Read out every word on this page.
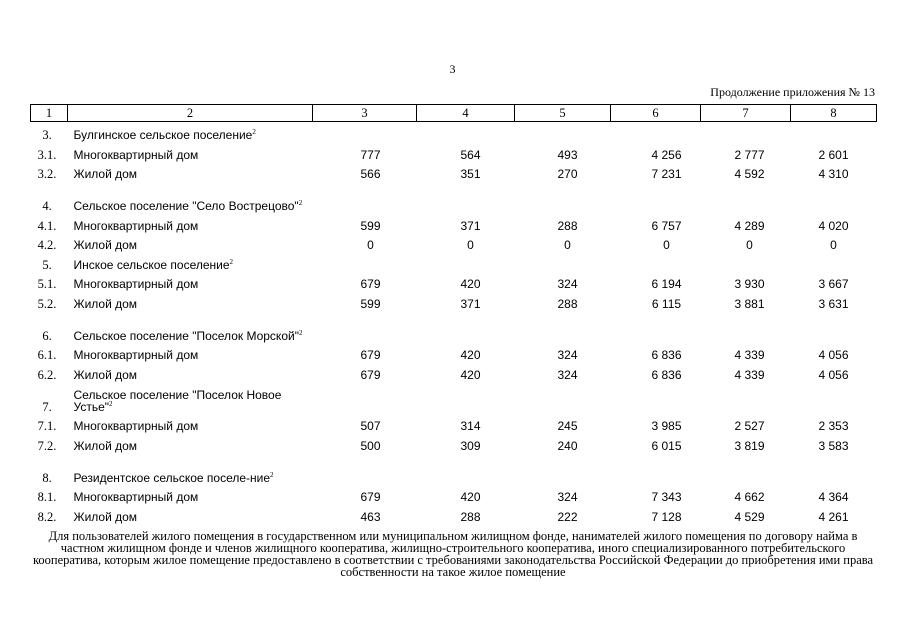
3
Продолжение приложения № 13
1	2	3	4	5	6	7	8
3.	Булгинское сельское поселение$^2$						
3.1.	Многоквартирный дом	777	564	493	4 256	2 777	2 601
3.2.	Жилой дом	566	351	270	7 231	4 592	4 310
4.	Сельское поселение "Село Вострецово"$^2$						
4.1.	Многоквартирный дом	599	371	288	6 757	4 289	4 020
4.2.	Жилой дом	0	0	0	0	0	0
5.	Инское сельское поселение$^2$						
5.1.	Многоквартирный дом	679	420	324	6 194	3 930	3 667
5.2.	Жилой дом	599	371	288	6 115	3 881	3 631
6.	Сельское поселение "Поселок Морской"$^2$						
6.1.	Многоквартирный дом	679	420	324	6 836	4 339	4 056
6.2.	Жилой дом	679	420	324	6 836	4 339	4 056
7.	Сельское поселение "Поселок Новое Устье"$^2$						
7.1.	Многоквартирный дом	507	314	245	3 985	2 527	2 353
7.2.	Жилой дом	500	309	240	6 015	3 819	3 583
8.	Резидентское сельское поселе-ние$^2$						
8.1.	Многоквартирный дом	679	420	324	7 343	4 662	4 364
8.2.	Жилой дом	463	288	222	7 128	4 529	4 261
Для пользователей жилого помещения в государственном или муниципальном жилищном фонде, нанимателей жилого помещения по договору найма в частном жилищном фонде и членов жилищного кооператива, жилищно-строительного кооператива, иного специализированного потребительского кооператива, которым жилое помещение предоставлено в соответствии с требованиями законодательства Российской Федерации до приобретения ими права собственности на такое жилое помещение
